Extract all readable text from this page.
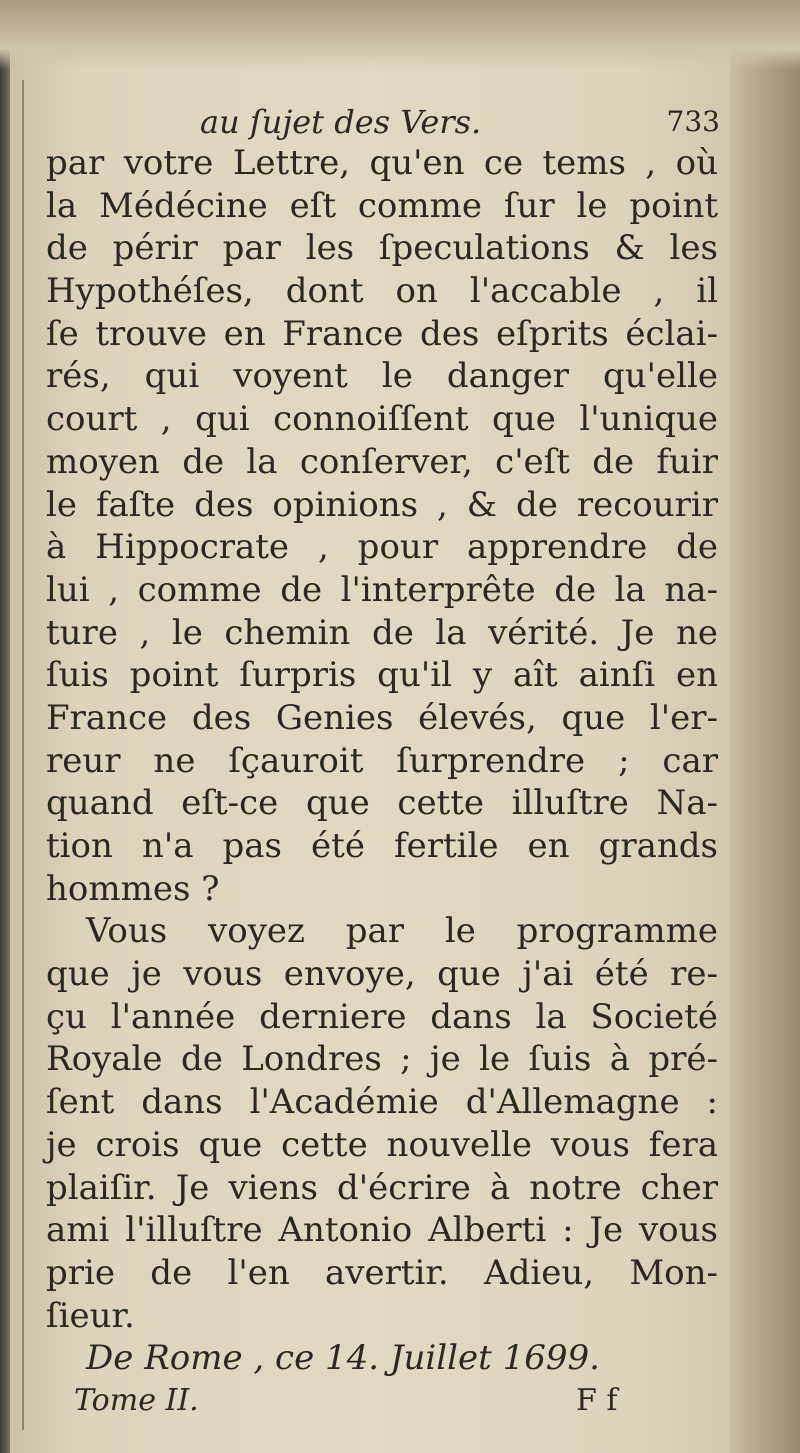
au ſujet des Vers.	733
par votre Lettre, qu'en ce tems , où
la Médécine eſt comme ſur le point
de périr par les ſpeculations & les
Hypothéſes, dont on l'accable , il
ſe trouve en France des eſprits éclai-
rés, qui voyent le danger qu'elle
court , qui connoiſſent que l'unique
moyen de la conſerver, c'eſt de fuir
le faſte des opinions , & de recourir
à Hippocrate , pour apprendre de
lui , comme de l'interprête de la na-
ture , le chemin de la vérité. Je ne
ſuis point ſurpris qu'il y aît ainſi en
France des Genies élevés, que l'er-
reur ne ſçauroit ſurprendre ; car
quand eſt-ce que cette illuſtre Na-
tion n'a pas été fertile en grands
hommes ?
Vous voyez par le programme
que je vous envoye, que j'ai été re-
çu l'année derniere dans la Societé
Royale de Londres ; je le ſuis à pré-
ſent dans l'Académie d'Allemagne :
je crois que cette nouvelle vous fera
plaiſir. Je viens d'écrire à notre cher
ami l'illuſtre Antonio Alberti : Je vous
prie de l'en avertir. Adieu, Mon-
ſieur.
De Rome , ce 14. Juillet 1699.
Tome II.	F f
